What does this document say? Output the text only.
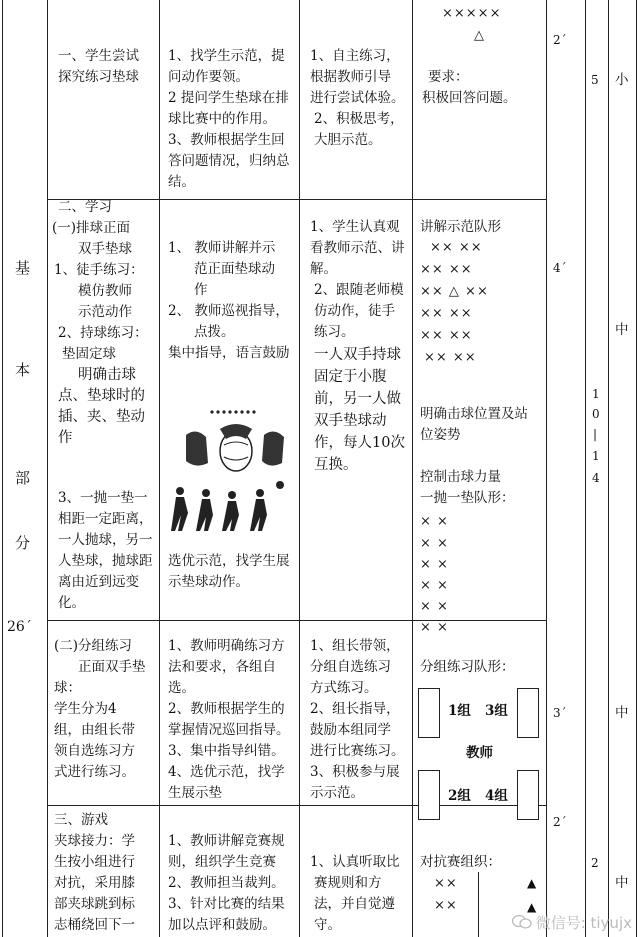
基
本
部
分
26´
×××××
△	2´
4´
3´
2´
5
1
0
|
1
4
2
小
中
中
中
一、学生尝试
探究练习垫球
1、找学生示范，提
问动作要领。
2 提问学生垫球在排
球比赛中的作用。
3、教师根据学生回
答问题情况，归纳总
结。
1、自主练习，
根据教师引导
进行尝试体验。
2、积极思考，
大胆示范。
要求：
积极回答问题。
二、学习
(一)排球正面
双手垫球
1、徒手练习：
模仿教师
示范动作
2、持球练习：
垫固定球
明确击球
点、垫球时的
插、夹、垫动
作
3、一抛一垫一
相距一定距离，
一人抛球，另一
人垫球，抛球距
离由近到远变
化。
1、 教师讲解并示
范正面垫球动
作
2、 教师巡视指导，
点拨。
集中指导，语言鼓励
选优示范，找学生展
示垫球动作。
1、学生认真观
看教师示范、讲
解。
2、跟随老师模
仿动作，徒手
练习。
一人双手持球
固定于小腹
前，另一人做
双手垫球动
作，每人10次
互换。
讲解示范队形
×× ××
×× ××
×× △ ××
×× ××
×× ××
×× ××
明确击球位置及站
位姿势
控制击球力量
一抛一垫队形：
× ×
× ×
× ×
× ×
× ×
× ×
(二)分组练习
正面双手垫
球：
学生分为4
组，由组长带
领自选练习方
式进行练习。
1、教师明确练习方
法和要求，各组自
选。
2、教师根据学生的
掌握情况巡回指导。
3、集中指导纠错。
4、选优示范，找学
生展示垫
1、组长带领，
分组自选练习
方式练习。
2、组长指导，
鼓励本组同学
进行比赛练习。
3、积极参与展
示示范。
分组练习队形：
1组 3组
教师
2组 4组
三、游戏
夹球接力：学
生按小组进行
对抗，采用膝
部夹球跳到标
志桶绕回下一
1、教师讲解竞赛规
则，组织学生竞赛
2、教师担当裁判。
3、针对比赛的结果
加以点评和鼓励。
1、认真听取比
赛规则和方
法，并自觉遵
守。
对抗赛组织：
××
××
▲
▲
微信号: tiyujx
